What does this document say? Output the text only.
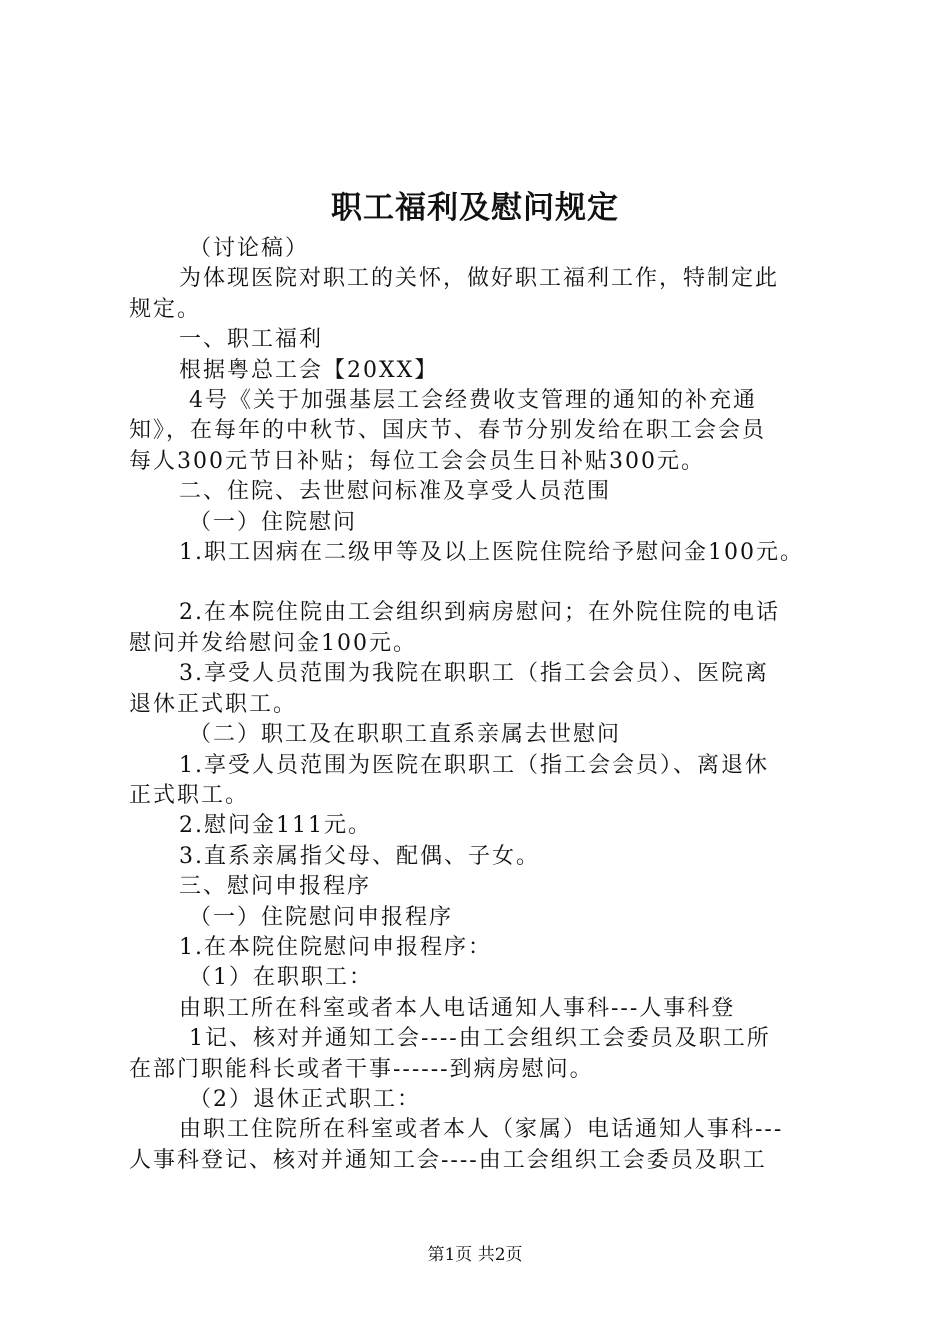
职工福利及慰问规定

（讨论稿）

为体现医院对职工的关怀，做好职工福利工作，特制定此

规定。

一、职工福利

根据粤总工会【20XX】

4号《关于加强基层工会经费收支管理的通知的补充通

知》，在每年的中秋节、国庆节、春节分别发给在职工会会员

每人300元节日补贴；每位工会会员生日补贴300元。

二、住院、去世慰问标准及享受人员范围

（一）住院慰问

1.职工因病在二级甲等及以上医院住院给予慰问金100元。

2.在本院住院由工会组织到病房慰问；在外院住院的电话

慰问并发给慰问金100元。

3.享受人员范围为我院在职职工（指工会会员）、医院离

退休正式职工。

（二）职工及在职职工直系亲属去世慰问

1.享受人员范围为医院在职职工（指工会会员）、离退休

正式职工。

2.慰问金111元。

3.直系亲属指父母、配偶、子女。

三、慰问申报程序

（一）住院慰问申报程序

1.在本院住院慰问申报程序：

（1）在职职工：

由职工所在科室或者本人电话通知人事科---人事科登

1记、核对并通知工会----由工会组织工会委员及职工所

在部门职能科长或者干事------到病房慰问。

（2）退休正式职工：

由职工住院所在科室或者本人（家属）电话通知人事科---

人事科登记、核对并通知工会----由工会组织工会委员及职工

第1页 共2页
